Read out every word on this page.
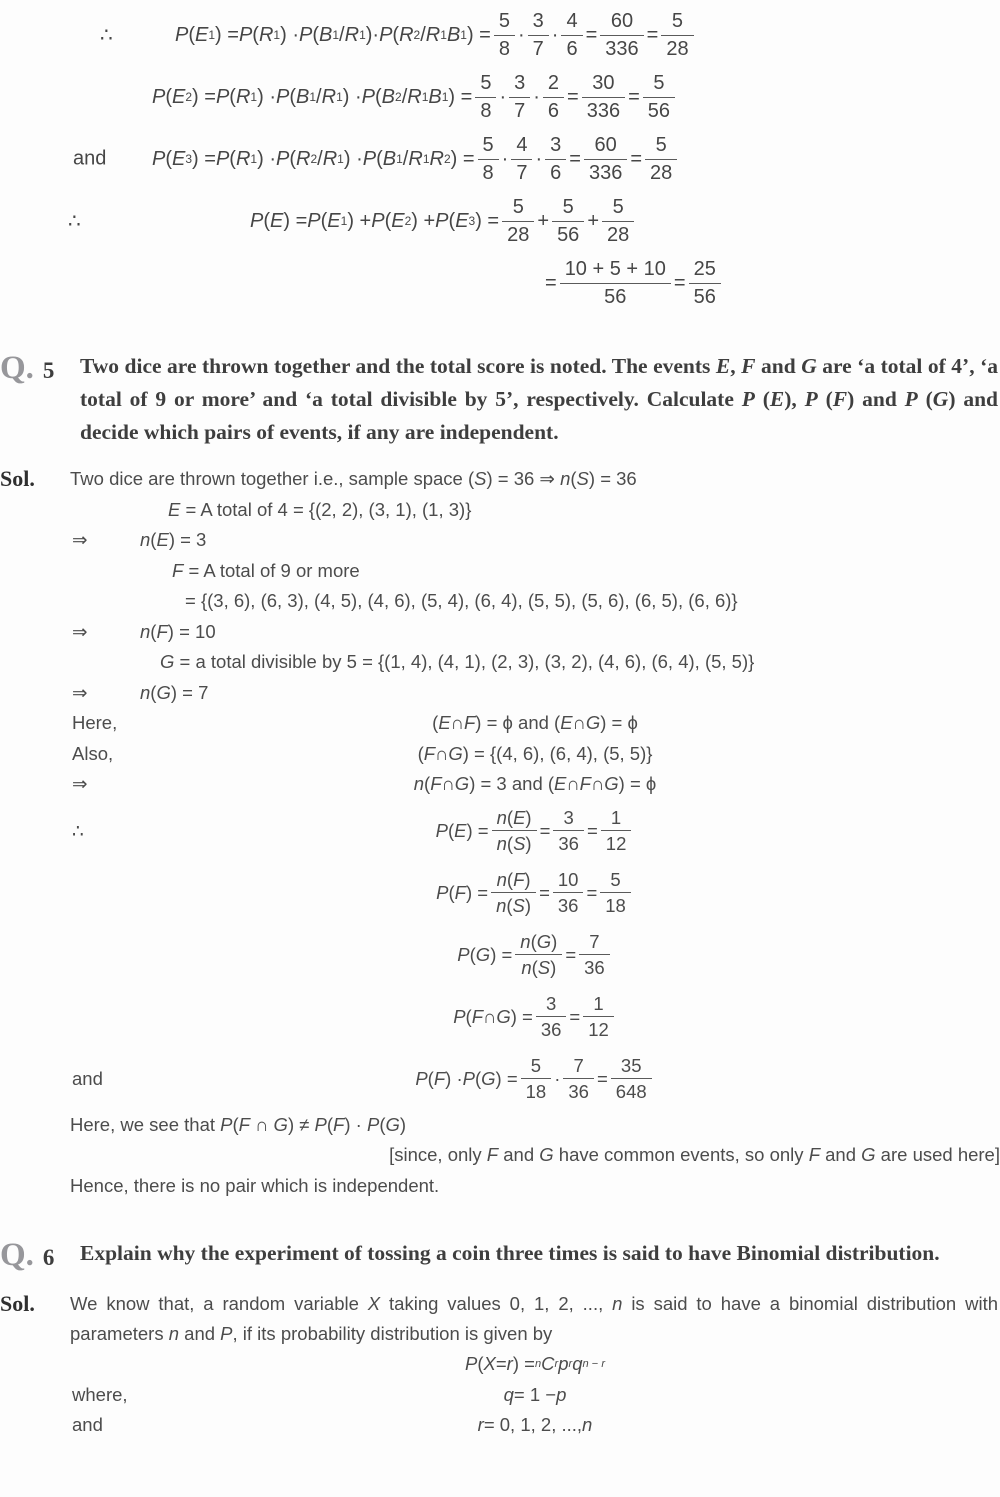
∴	P ( E 1 ) = P ( R 1 ) · P ( B 1 / R 1 )· P ( R 2 / R 1 B 1 ) = $\frac{5}{8} \cdot \frac{3}{7} \cdot \frac{4}{6} = \frac{60}{336} = \frac{5}{28}$
P ( E 2 ) = P ( R 1 ) · P ( B 1 / R 1 ) · P ( B 2 / R 1 B 1 ) = $\frac{5}{8} \cdot \frac{3}{7} \cdot \frac{2}{6} = \frac{30}{336} = \frac{5}{56}$
and P ( E 3 ) = P ( R 1 ) · P ( R 2 / R 1 ) · P ( B 1 / R 1 R 2 ) = $\frac{5}{8} \cdot \frac{4}{7} \cdot \frac{3}{6} = \frac{60}{336} = \frac{5}{28}$
∴	P ( E ) = P ( E 1 ) + P ( E 2 ) + P ( E 3 ) = $\frac{5}{28} + \frac{5}{56} + \frac{5}{28}$
= $\frac{10 + 5 + 10}{56} = \frac{25}{56}$
Q. 5 Two dice are thrown together and the total score is noted. The events E, F and G are ‘a total of 4’, ‘a total of 9 or more’ and ‘a total divisible by 5’, respectively. Calculate P (E), P (F) and P (G) and decide which pairs of events, if any are independent.
Sol.	Two dice are thrown together i.e., sample space (S) = 36 ⇒ n(S) = 36
E = A total of 4 = {(2, 2), (3, 1), (1, 3)}
⇒	n(E) = 3
F = A total of 9 or more
= {(3, 6), (6, 3), (4, 5), (4, 6), (5, 4), (6, 4), (5, 5), (5, 6), (6, 5), (6, 6)}
⇒	n(F) = 10
G = a total divisible by 5 = {(1, 4), (4, 1), (2, 3), (3, 2), (4, 6), (6, 4), (5, 5)}
⇒	n(G) = 7
Here,	( E ∩ F ) = ϕ and ( E ∩ G ) = ϕ
Also,	( F ∩ G ) = {(4, 6), (6, 4), (5, 5)}
⇒	n ( F ∩ G ) = 3 and ( E ∩ F ∩ G ) = ϕ
∴	P ( E ) = $\frac{n(E)}{n(S)} = \frac{3}{36} = \frac{1}{12}$
P ( F ) = $\frac{n(F)}{n(S)} = \frac{10}{36} = \frac{5}{18}$
P ( G ) = $\frac{n(G)}{n(S)} = \frac{7}{36}$
P ( F ∩ G ) = $\frac{3}{36} = \frac{1}{12}$
and	P ( F ) · P ( G ) = $\frac{5}{18} \cdot \frac{7}{36} = \frac{35}{648}$
Here, we see that P(F ∩ G) ≠ P(F) · P(G)
[since, only F and G have common events, so only F and G are used here]
Hence, there is no pair which is independent.
Q. 6 Explain why the experiment of tossing a coin three times is said to have Binomial distribution.
Sol.	We know that, a random variable X taking values 0, 1, 2, ..., n is said to have a binomial distribution with parameters n and P, if its probability distribution is given by
P ( X = r ) = n C r p r q n − r
where,	q = 1 − p
and	r = 0, 1, 2, ..., n
